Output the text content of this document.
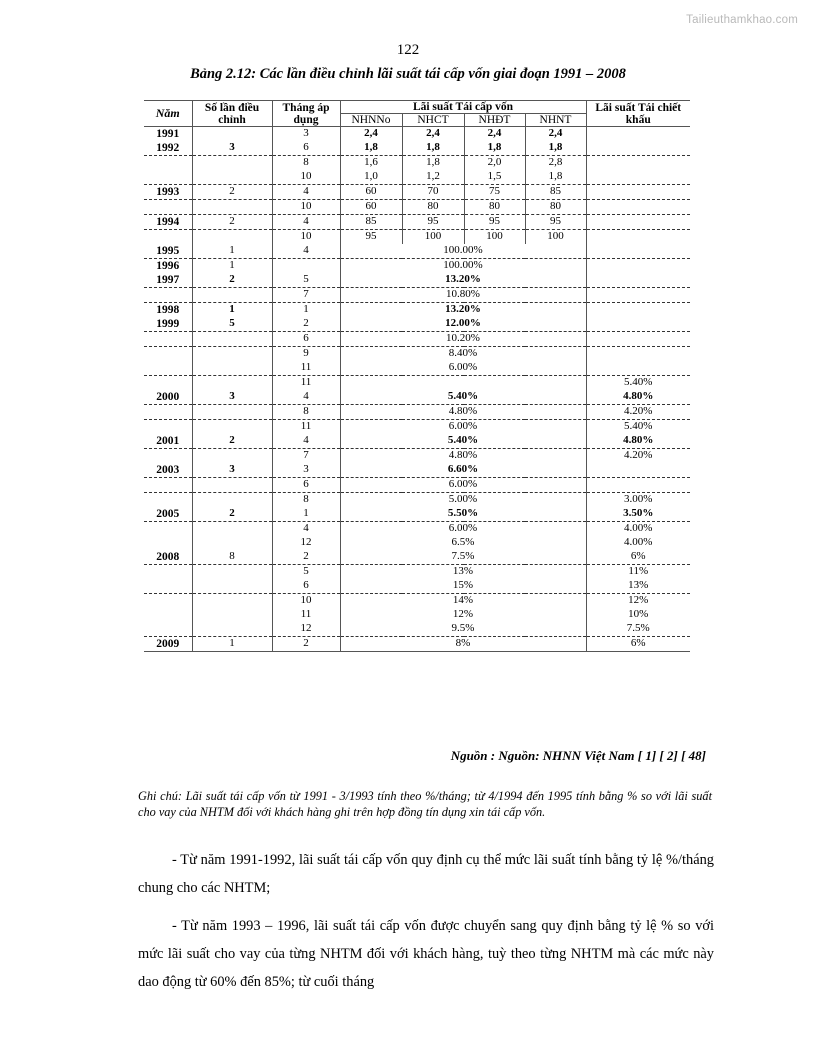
Tailieuthamkhao.com
122
Bảng 2.12: Các lần điều chỉnh lãi suất tái cấp vốn giai đoạn 1991 – 2008
Năm	Số lần điều chỉnh	Tháng áp dụng	Lãi suất Tái cấp vốn				Lãi suất Tái chiết khấu
			NHNNo	NHCT	NHĐT	NHNT	
1991		3	2,4	2,4	2,4	2,4	
1992	3	6	1,8	1,8	1,8	1,8	
		8	1,6	1,8	2,0	2,8	
		10	1,0	1,2	1,5	1,8	
1993	2	4	60	70	75	85	
		10	60	80	80	80	
1994	2	4	85	95	95	95	
		10	95	100	100	100	
1995	1	4	100.00%				
1996	1		100.00%				
1997	2	5	13.20%				
		7	10.80%				
1998	1	1	13.20%				
1999	5	2	12.00%				
		6	10.20%				
		9	8.40%				
		11	6.00%				
		11					5.40%
2000	3	4	5.40%				4.80%
		8	4.80%				4.20%
		11	6.00%				5.40%
2001	2	4	5.40%				4.80%
		7	4.80%				4.20%
2003	3	3	6.60%				
		6	6.00%				
		8	5.00%				3.00%
2005	2	1	5.50%				3.50%
		4	6.00%				4.00%
		12	6.5%				4.00%
2008	8	2	7.5%				6%
		5	13%				11%
		6	15%				13%
		10	14%				12%
		11	12%				10%
		12	9.5%				7.5%
2009	1	2	8%				6%
Nguồn : Nguồn: NHNN Việt Nam [ 1] [ 2] [ 48]
Ghi chú: Lãi suất tái cấp vốn từ 1991 - 3/1993 tính theo %/tháng; từ 4/1994 đến 1995 tính bằng % so với lãi suất cho vay của NHTM đối với khách hàng ghi trên hợp đồng tín dụng xin tái cấp vốn.

- Từ năm 1991-1992, lãi suất tái cấp vốn quy định cụ thể mức lãi suất tính bằng tỷ lệ %/tháng chung cho các NHTM;

- Từ năm 1993 – 1996, lãi suất tái cấp vốn được chuyển sang quy định bằng tỷ lệ % so với mức lãi suất cho vay của từng NHTM đối với khách hàng, tuỳ theo từng NHTM mà các mức này dao động từ 60% đến 85%; từ cuối tháng
